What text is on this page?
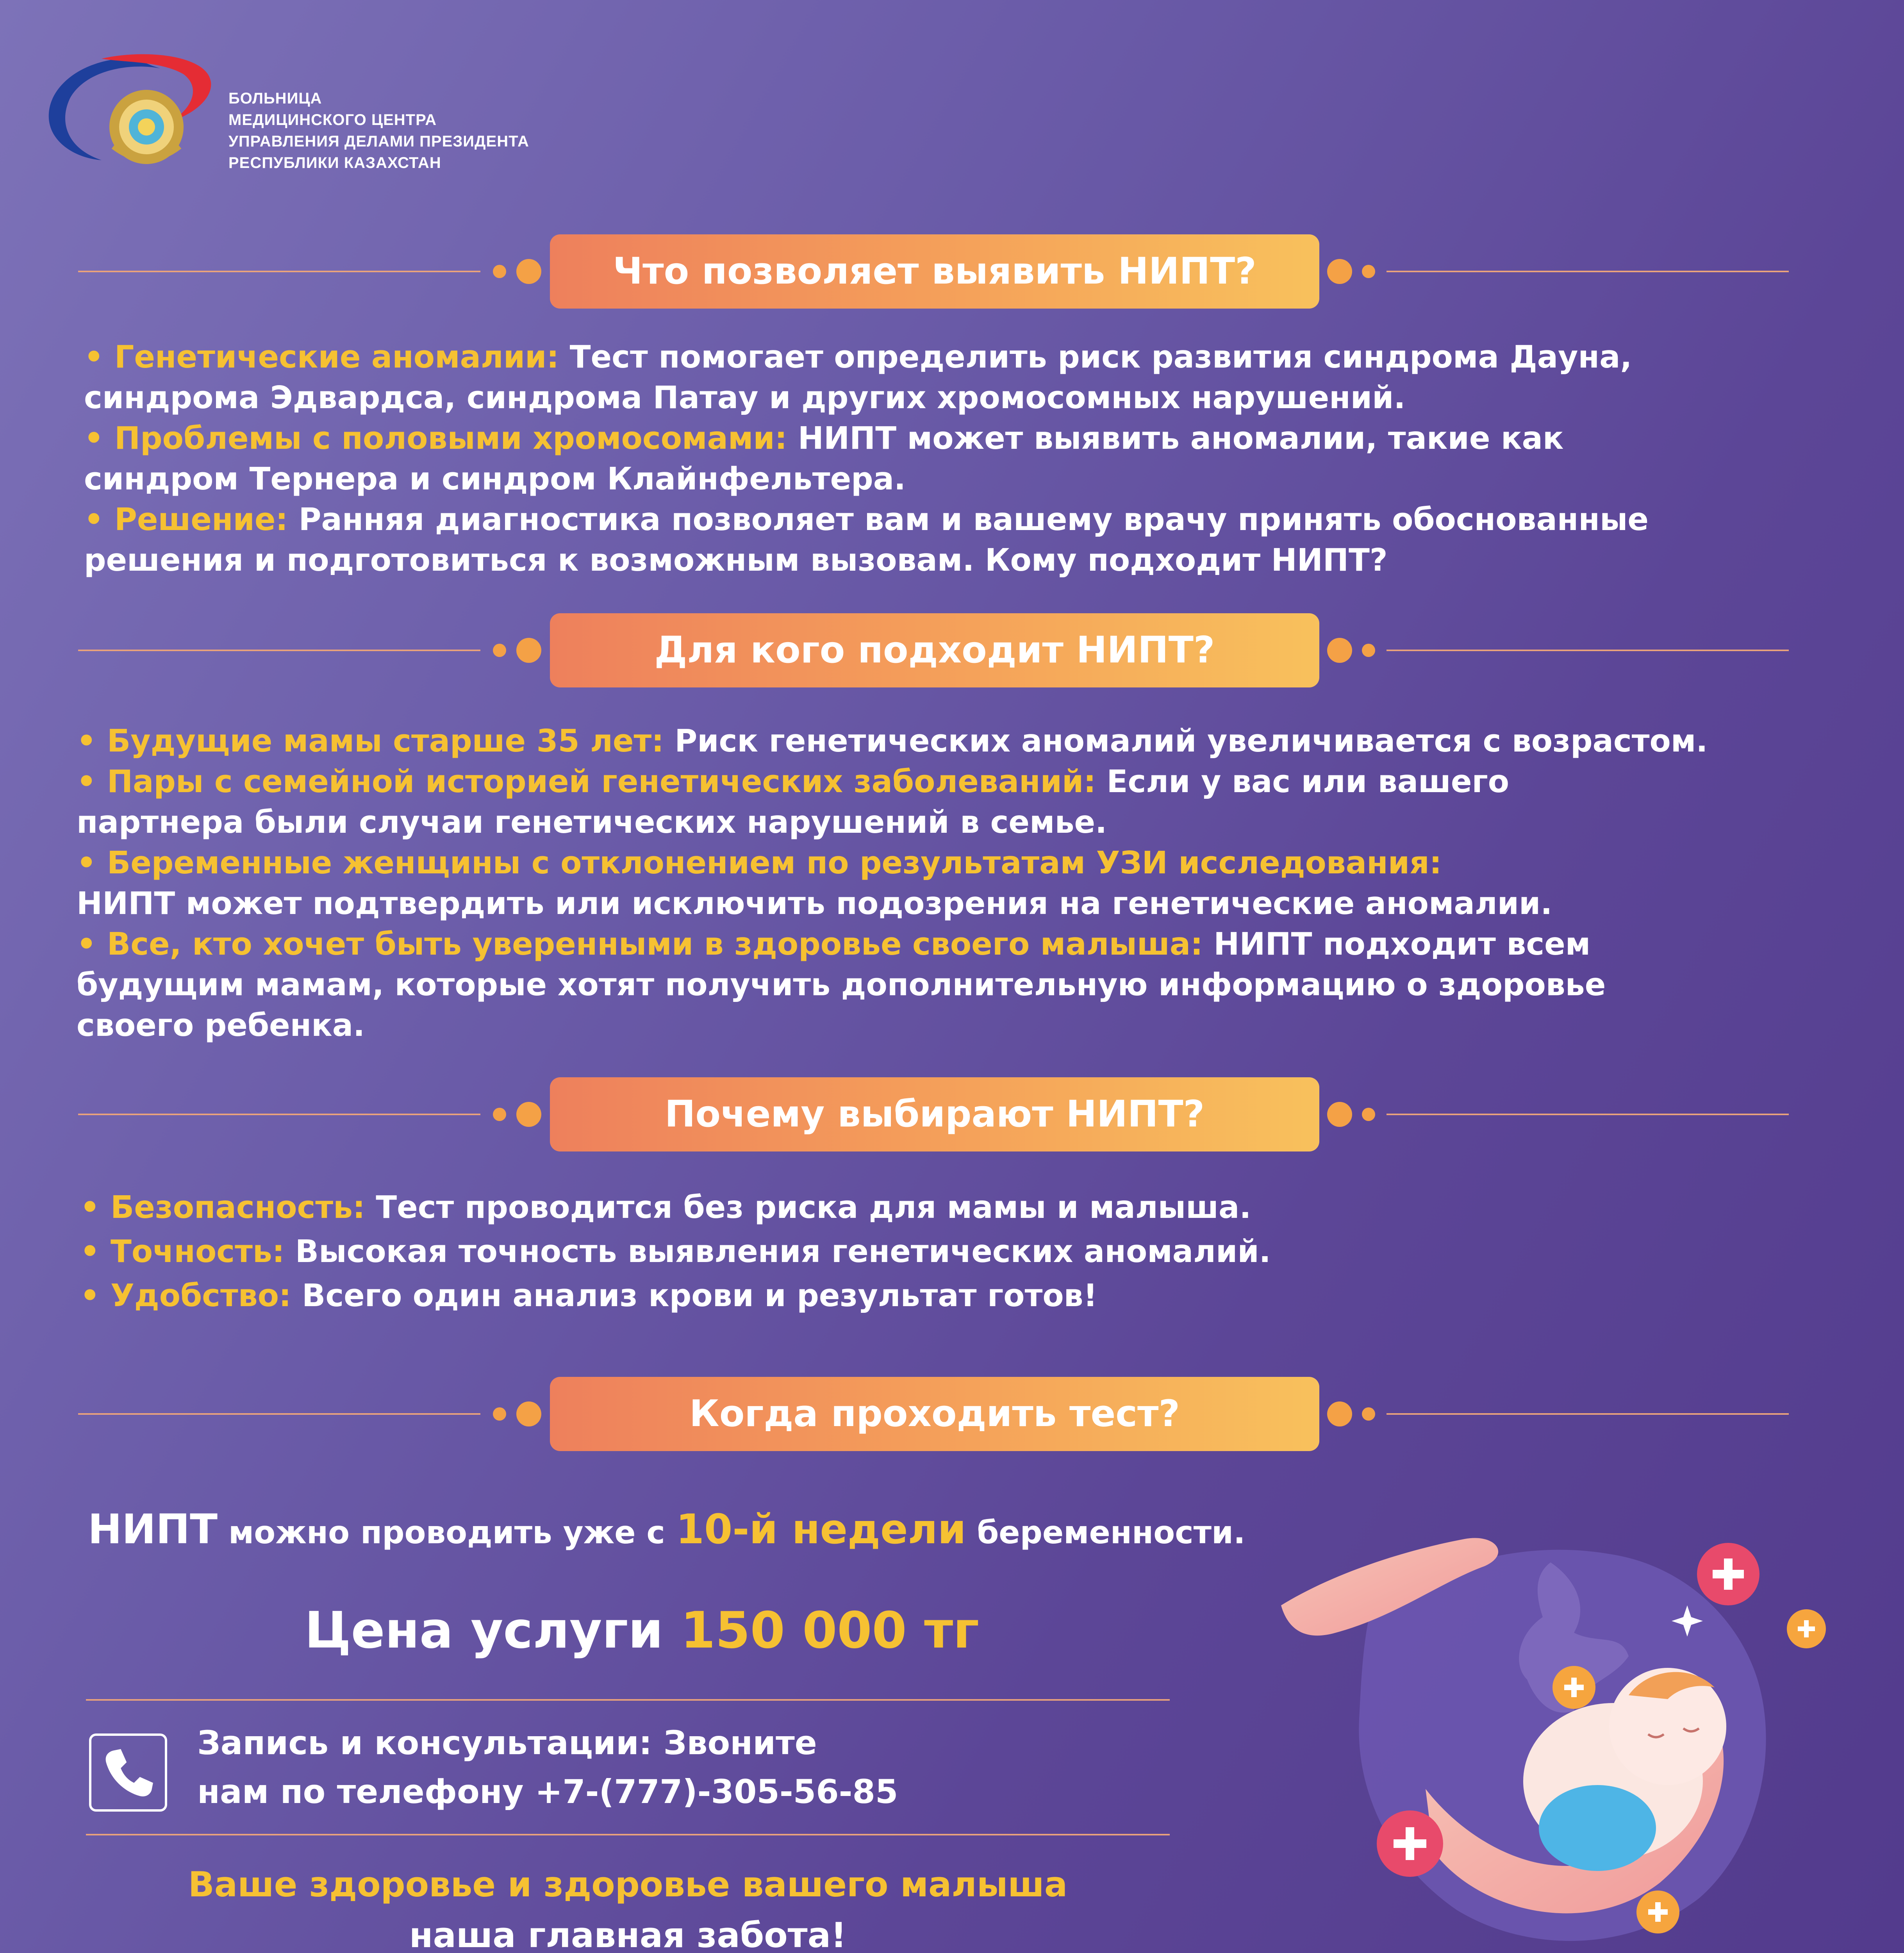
БОЛЬНИЦА
МЕДИЦИНСКОГО ЦЕНТРА
УПРАВЛЕНИЯ ДЕЛАМИ ПРЕЗИДЕНТА
РЕСПУБЛИКИ КАЗАХСТАН
Что позволяет выявить НИПТ?
• Генетические аномалии: Тест помогает определить риск развития синдрома Дауна,
синдрома Эдвардса, синдрома Патау и других хромосомных нарушений.
• Проблемы с половыми хромосомами: НИПТ может выявить аномалии, такие как
синдром Тернера и синдром Клайнфельтера.
• Решение: Ранняя диагностика позволяет вам и вашему врачу принять обоснованные
решения и подготовиться к возможным вызовам. Кому подходит НИПТ?
Для кого подходит НИПТ?
• Будущие мамы старше 35 лет: Риск генетических аномалий увеличивается с возрастом.
• Пары с семейной историей генетических заболеваний: Если у вас или вашего
партнера были случаи генетических нарушений в семье.
• Беременные женщины с отклонением по результатам УЗИ исследования:
НИПТ может подтвердить или исключить подозрения на генетические аномалии.
• Все, кто хочет быть уверенными в здоровье своего малыша: НИПТ подходит всем
будущим мамам, которые хотят получить дополнительную информацию о здоровье
своего ребенка.
Почему выбирают НИПТ?
• Безопасность: Тест проводится без риска для мамы и малыша.
• Точность: Высокая точность выявления генетических аномалий.
• Удобство: Всего один анализ крови и результат готов!
Когда проходить тест?
НИПТ можно проводить уже с 10-й недели беременности.
Цена услуги 150 000 тг
Запись и консультации: Звоните
нам по телефону +7-(777)-305-56-85
Ваше здоровье и здоровье вашего малыша
наша главная забота!
